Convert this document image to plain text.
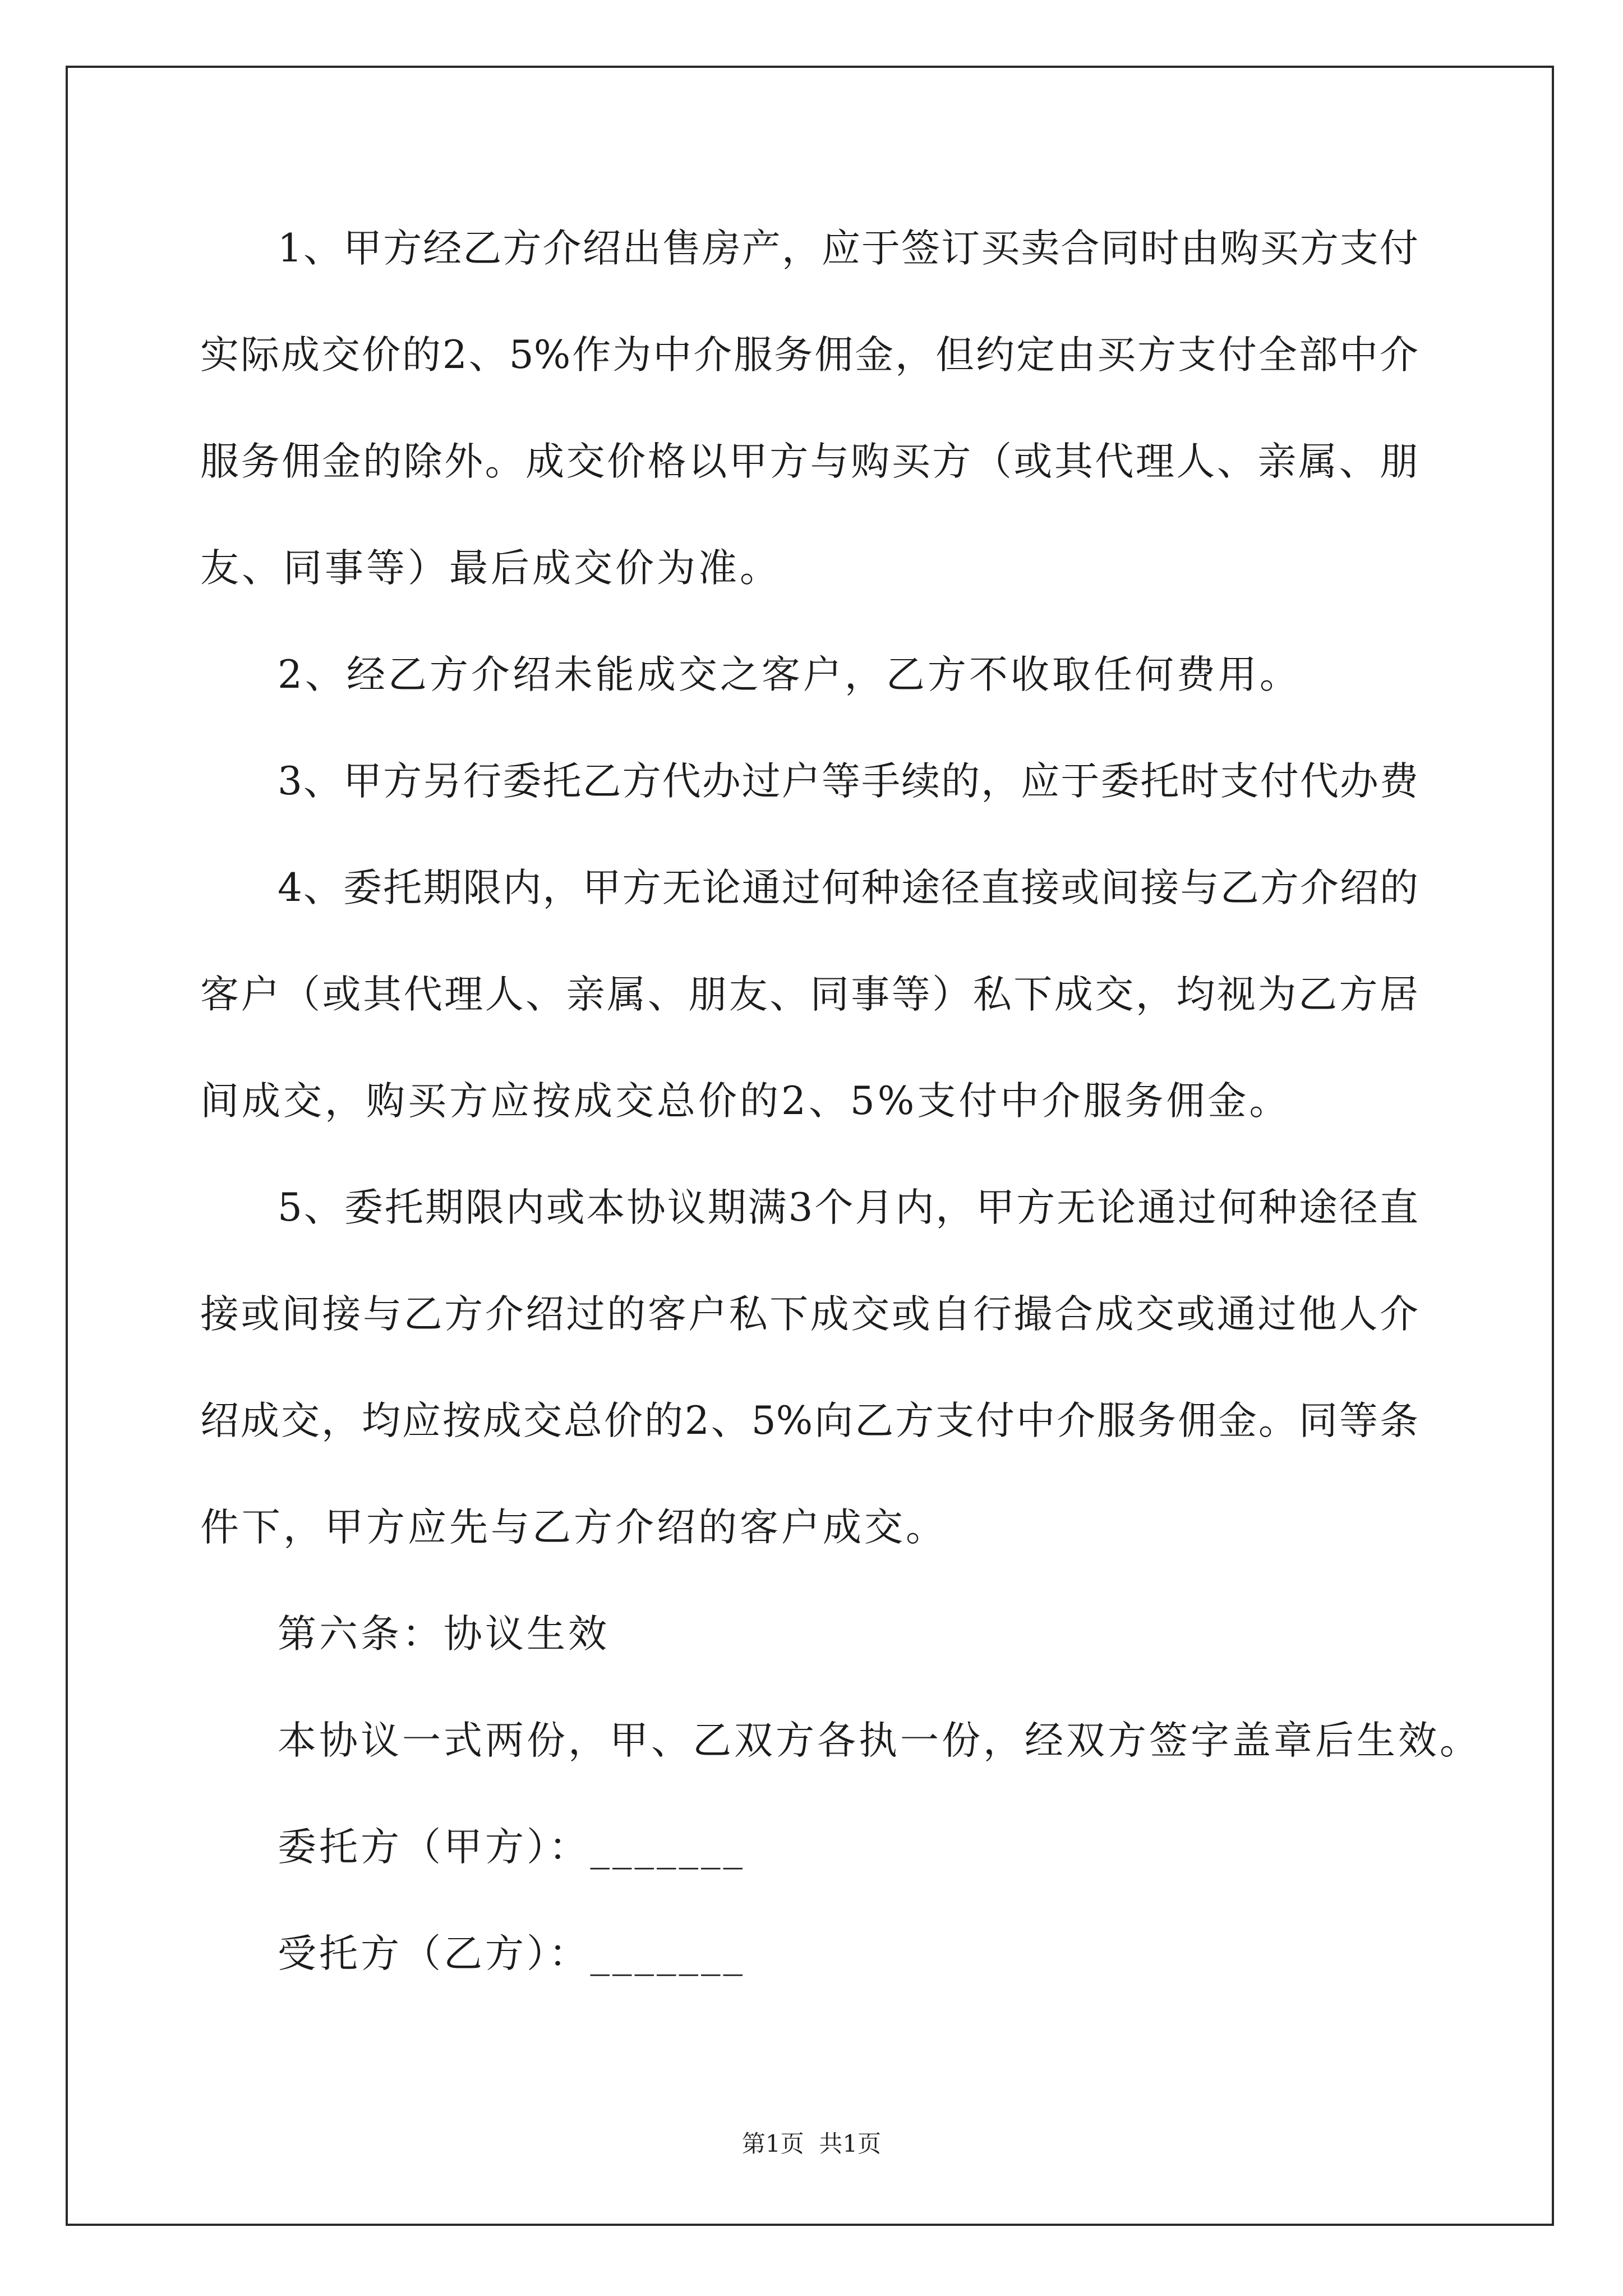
1、甲方经乙方介绍出售房产，应于签订买卖合同时由购买方支付
实际成交价的2、5%作为中介服务佣金，但约定由买方支付全部中介
服务佣金的除外。成交价格以甲方与购买方（或其代理人、亲属、朋
友、同事等）最后成交价为准。
2、经乙方介绍未能成交之客户，乙方不收取任何费用。
3、甲方另行委托乙方代办过户等手续的，应于委托时支付代办费
4、委托期限内，甲方无论通过何种途径直接或间接与乙方介绍的
客户（或其代理人、亲属、朋友、同事等）私下成交，均视为乙方居
间成交，购买方应按成交总价的2、5%支付中介服务佣金。
5、委托期限内或本协议期满3个月内，甲方无论通过何种途径直
接或间接与乙方介绍过的客户私下成交或自行撮合成交或通过他人介
绍成交，均应按成交总价的2、5%向乙方支付中介服务佣金。同等条
件下，甲方应先与乙方介绍的客户成交。
第六条：协议生效
本协议一式两份，甲、乙双方各执一份，经双方签字盖章后生效。
委托方（甲方）：_______
受托方（乙方）：_______
第1页  共1页
